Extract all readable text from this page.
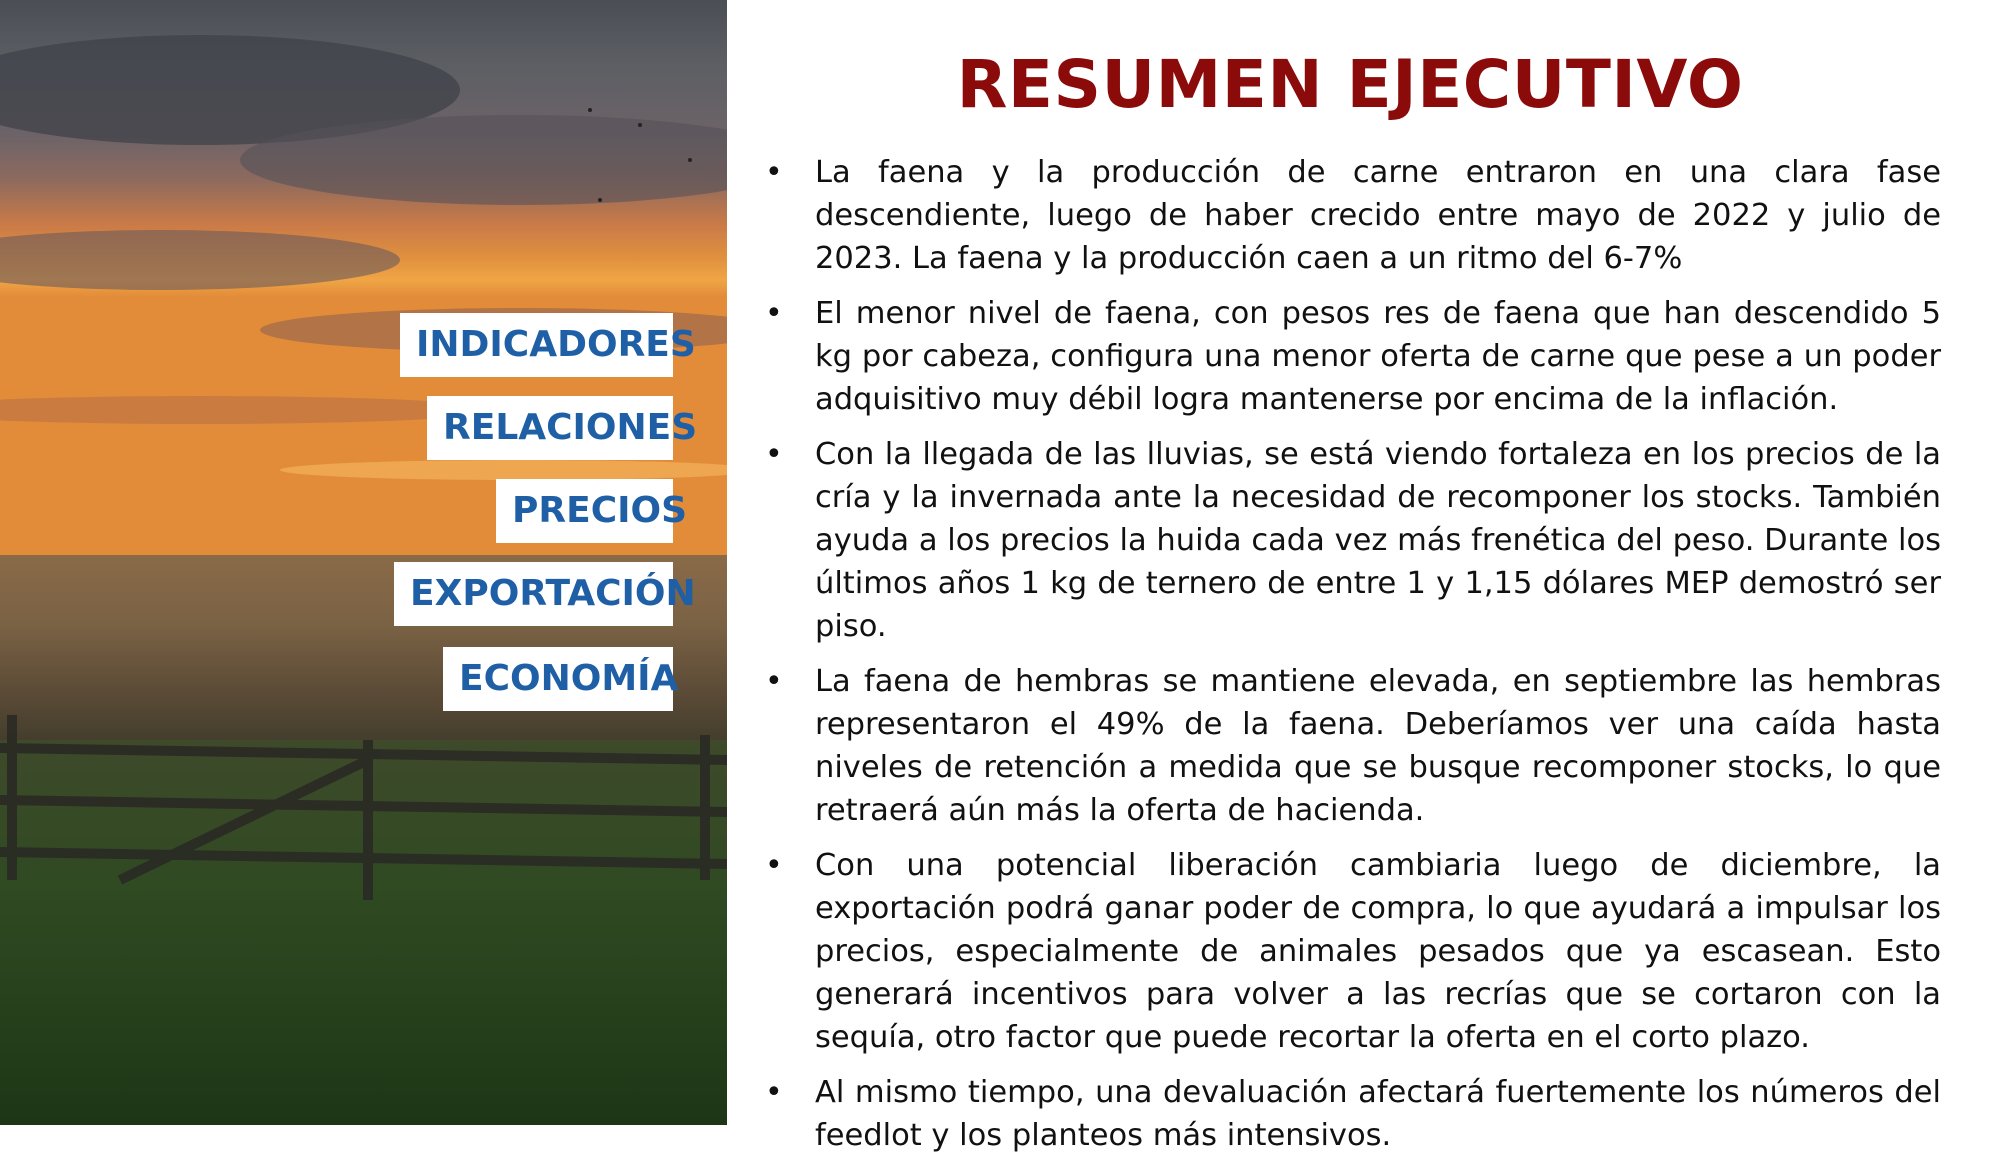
INDICADORES
RELACIONES
PRECIOS
EXPORTACIÓN
ECONOMÍA
RESUMEN EJECUTIVO
• La faena y la producción de carne entraron en una clara fase descendiente, luego de haber crecido entre mayo de 2022 y julio de 2023. La faena y la producción caen a un ritmo del 6-7%
• El menor nivel de faena, con pesos res de faena que han descendido 5 kg por cabeza, configura una menor oferta de carne que pese a un poder adquisitivo muy débil logra mantenerse por encima de la inflación.
• Con la llegada de las lluvias, se está viendo fortaleza en los precios de la cría y la invernada ante la necesidad de recomponer los stocks. También ayuda a los precios la huida cada vez más frenética del peso. Durante los últimos años 1 kg de ternero de entre 1 y 1,15 dólares MEP demostró ser piso.
• La faena de hembras se mantiene elevada, en septiembre las hembras representaron el 49% de la faena. Deberíamos ver una caída hasta niveles de retención a medida que se busque recomponer stocks, lo que retraerá aún más la oferta de hacienda.
• Con una potencial liberación cambiaria luego de diciembre, la exportación podrá ganar poder de compra, lo que ayudará a impulsar los precios, especialmente de animales pesados que ya escasean. Esto generará incentivos para volver a las recrías que se cortaron con la sequía, otro factor que puede recortar la oferta en el corto plazo.
• Al mismo tiempo, una devaluación afectará fuertemente los números del feedlot y los planteos más intensivos.
